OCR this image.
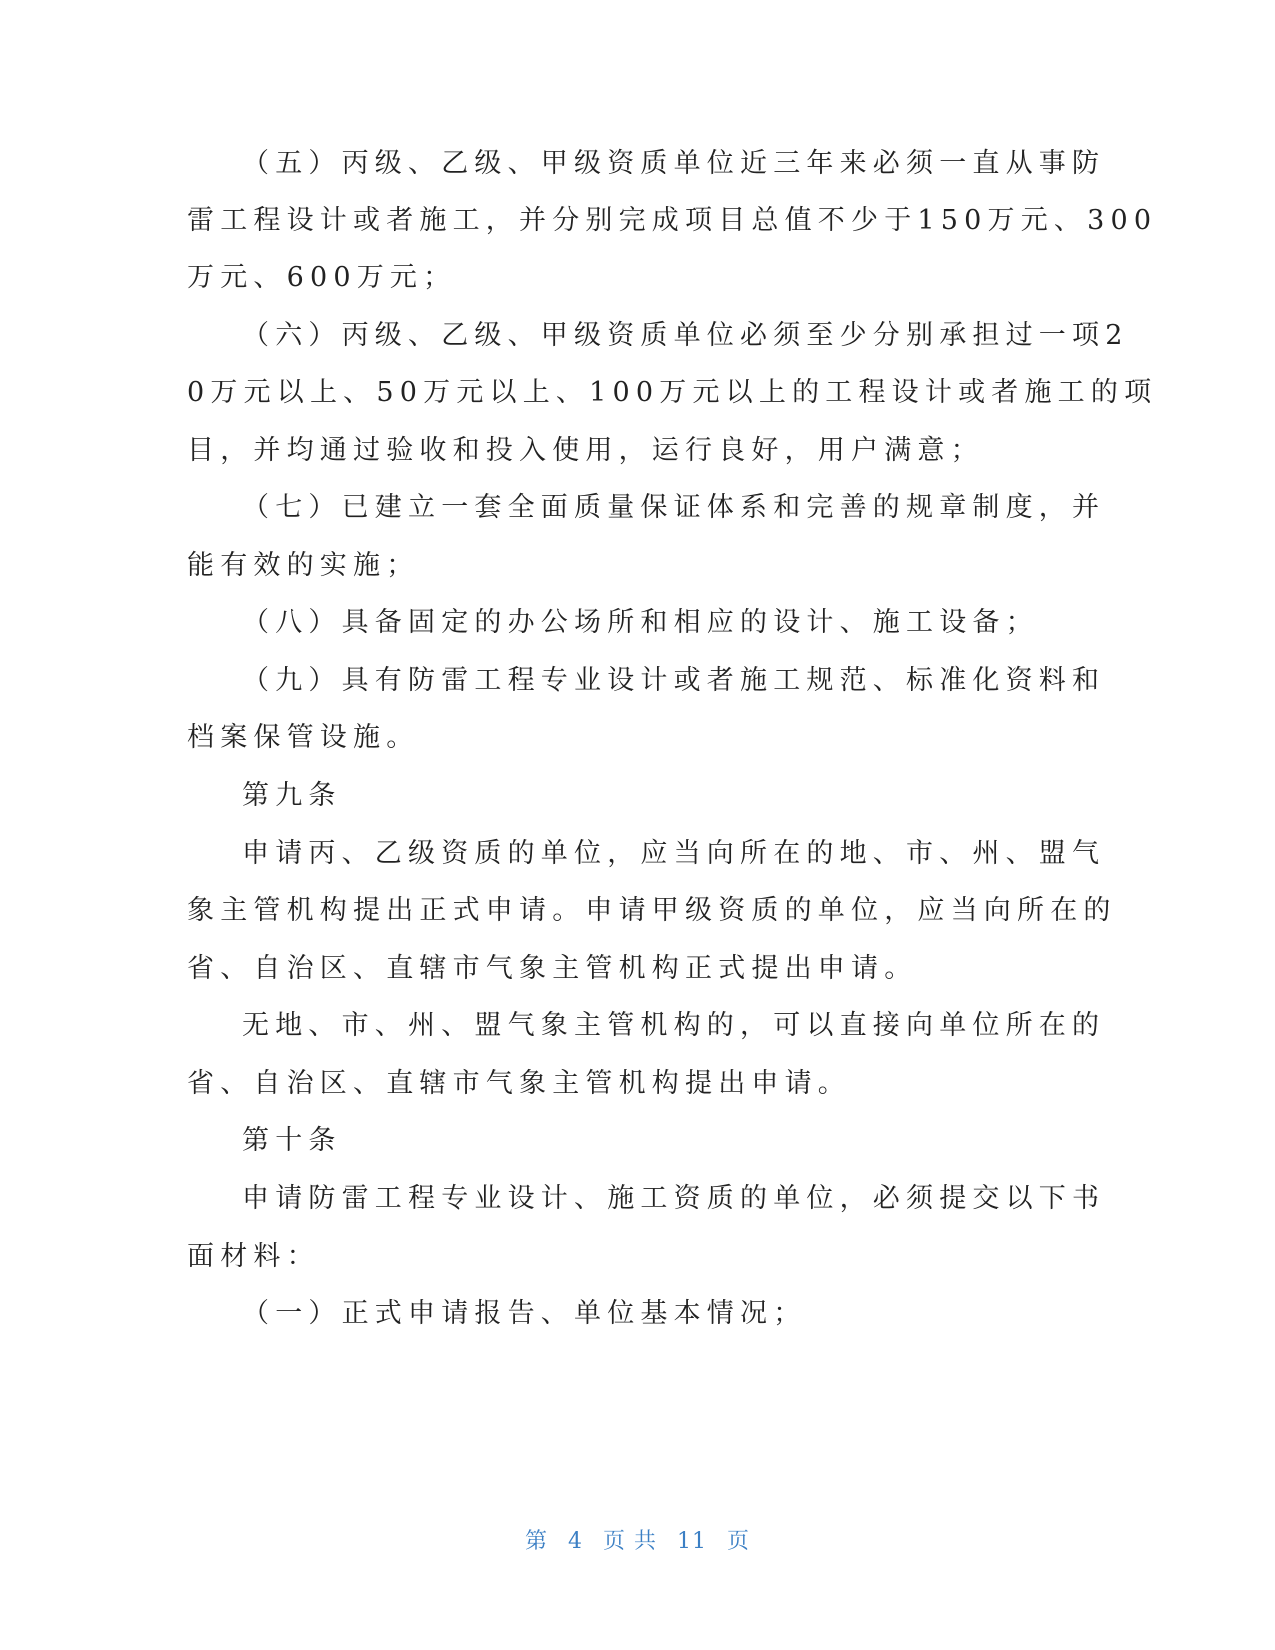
（五）丙级、乙级、甲级资质单位近三年来必须一直从事防
雷工程设计或者施工，并分别完成项目总值不少于150万元、300
万元、600万元；
（六）丙级、乙级、甲级资质单位必须至少分别承担过一项2
0万元以上、50万元以上、100万元以上的工程设计或者施工的项
目，并均通过验收和投入使用，运行良好，用户满意；
（七）已建立一套全面质量保证体系和完善的规章制度，并
能有效的实施；
（八）具备固定的办公场所和相应的设计、施工设备；
（九）具有防雷工程专业设计或者施工规范、标准化资料和
档案保管设施。
第九条
申请丙、乙级资质的单位，应当向所在的地、市、州、盟气
象主管机构提出正式申请。申请甲级资质的单位，应当向所在的
省、自治区、直辖市气象主管机构正式提出申请。
无地、市、州、盟气象主管机构的，可以直接向单位所在的
省、自治区、直辖市气象主管机构提出申请。
第十条
申请防雷工程专业设计、施工资质的单位，必须提交以下书
面材料：
（一）正式申请报告、单位基本情况；
第 4 页 共 11 页
